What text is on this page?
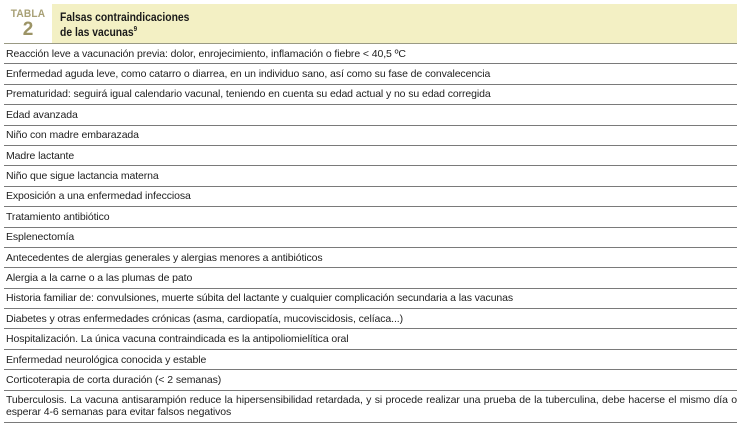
TABLA
2
Falsas contraindicaciones
de las vacunas$^9$
Reacción leve a vacunación previa: dolor, enrojecimiento, inflamación o fiebre < 40,5 ºC
Enfermedad aguda leve, como catarro o diarrea, en un individuo sano, así como su fase de convalecencia
Prematuridad: seguirá igual calendario vacunal, teniendo en cuenta su edad actual y no su edad corregida
Edad avanzada
Niño con madre embarazada
Madre lactante
Niño que sigue lactancia materna
Exposición a una enfermedad infecciosa
Tratamiento antibiótico
Esplenectomía
Antecedentes de alergias generales y alergias menores a antibióticos
Alergia a la carne o a las plumas de pato
Historia familiar de: convulsiones, muerte súbita del lactante y cualquier complicación secundaria a las vacunas
Diabetes y otras enfermedades crónicas (asma, cardiopatía, mucoviscidosis, celíaca...)
Hospitalización. La única vacuna contraindicada es la antipoliomielítica oral
Enfermedad neurológica conocida y estable
Corticoterapia de corta duración (< 2 semanas)
Tuberculosis. La vacuna antisarampión reduce la hipersensibilidad retardada, y si procede realizar una prueba de la tuberculina, debe hacerse el mismo día o esperar 4-6 semanas para evitar falsos negativos
